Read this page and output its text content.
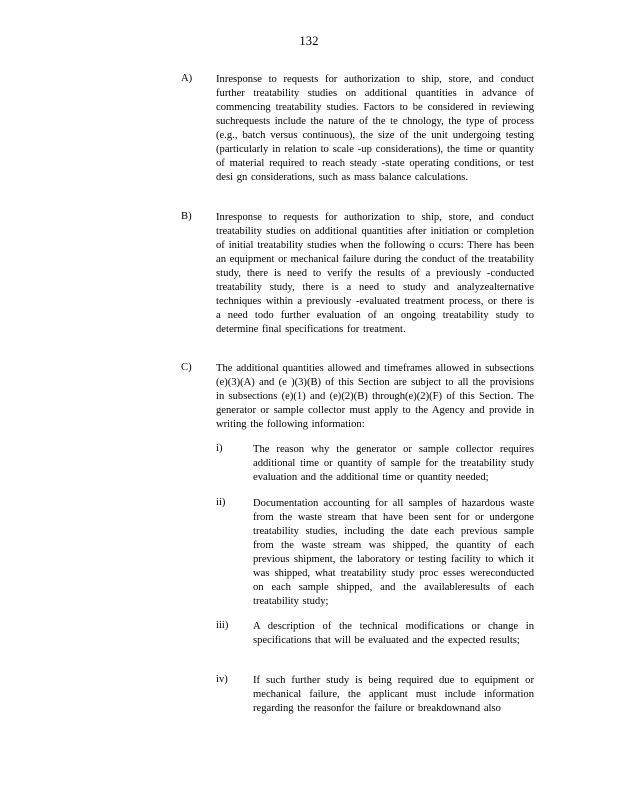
132
A) Inresponse to requests for authorization to ship, store, and conduct further treatability studies on additional quantities in advance of commencing treatability studies. Factors to be considered in reviewing suchrequests include the nature of the te chnology, the type of process (e.g., batch versus continuous), the size of the unit undergoing testing (particularly in relation to scale -up considerations), the time or quantity of material required to reach steady -state operating conditions, or test desi gn considerations, such as mass balance calculations.
B) Inresponse to requests for authorization to ship, store, and conduct treatability studies on additional quantities after initiation or completion of initial treatability studies when the following o ccurs: There has been an equipment or mechanical failure during the conduct of the treatability study, there is need to verify the results of a previously -conducted treatability study, there is a need to study and analyzealternative techniques within a previously -evaluated treatment process, or there is a need todo further evaluation of an ongoing treatability study to determine final specifications for treatment.
C) The additional quantities allowed and timeframes allowed in subsections (e)(3)(A) and (e )(3)(B) of this Section are subject to all the provisions in subsections (e)(1) and (e)(2)(B) through(e)(2)(F) of this Section. The generator or sample collector must apply to the Agency and provide in writing the following information:
i)	The reason why the generator or sample collector requires additional time or quantity of sample for the treatability study evaluation and the additional time or quantity needed;
ii)	Documentation accounting for all samples of hazardous waste from the waste stream that have been sent for or undergone treatability studies, including the date each previous sample from the waste stream was shipped, the quantity of each previous shipment, the laboratory or testing facility to which it was shipped, what treatability study proc esses wereconducted on each sample shipped, and the availableresults of each treatability study;
iii) A description of the technical modifications or change in specifications that will be evaluated and the expected results;
iv) If such further study is being required due to equipment or mechanical failure, the applicant must include information regarding the reasonfor the failure or breakdownand also
